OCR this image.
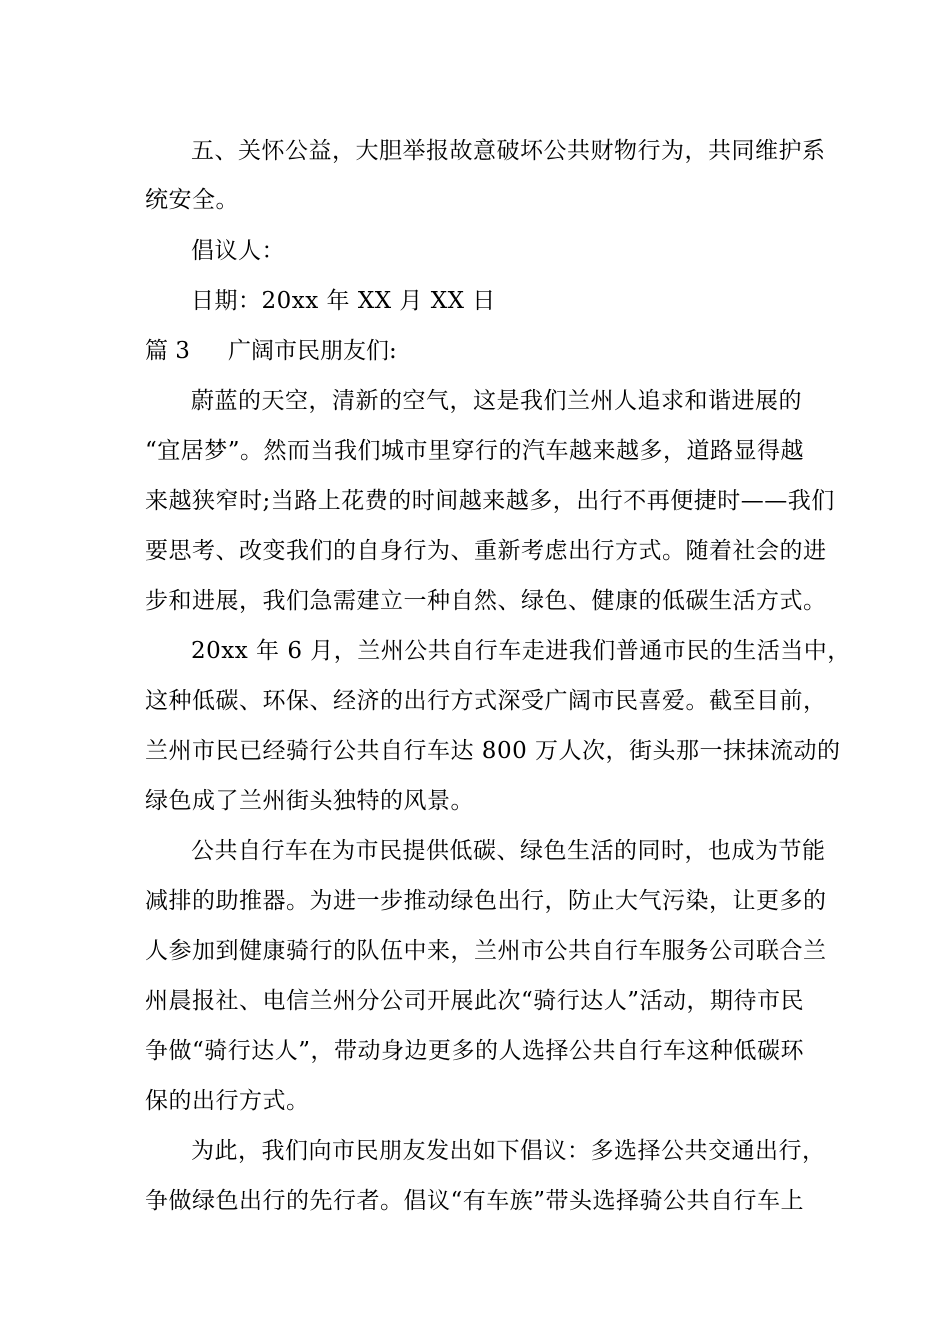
五、关怀公益，大胆举报故意破坏公共财物行为，共同维护系
统安全。
倡议人：
日期：20xx 年 XX 月 XX 日
篇 3 广阔市民朋友们:
蔚蓝的天空，清新的空气，这是我们兰州人追求和谐进展的
“宜居梦”。然而当我们城市里穿行的汽车越来越多，道路显得越
来越狭窄时;当路上花费的时间越来越多，出行不再便捷时——我们
要思考、改变我们的自身行为、重新考虑出行方式。随着社会的进
步和进展，我们急需建立一种自然、绿色、健康的低碳生活方式。
20xx 年 6 月，兰州公共自行车走进我们普通市民的生活当中，
这种低碳、环保、经济的出行方式深受广阔市民喜爱。截至目前，
兰州市民已经骑行公共自行车达 800 万人次，街头那一抹抹流动的
绿色成了兰州街头独特的风景。
公共自行车在为市民提供低碳、绿色生活的同时，也成为节能
减排的助推器。为进一步推动绿色出行，防止大气污染，让更多的
人参加到健康骑行的队伍中来，兰州市公共自行车服务公司联合兰
州晨报社、电信兰州分公司开展此次“骑行达人”活动，期待市民
争做“骑行达人”，带动身边更多的人选择公共自行车这种低碳环
保的出行方式。
为此，我们向市民朋友发出如下倡议：多选择公共交通出行，
争做绿色出行的先行者。倡议“有车族”带头选择骑公共自行车上
